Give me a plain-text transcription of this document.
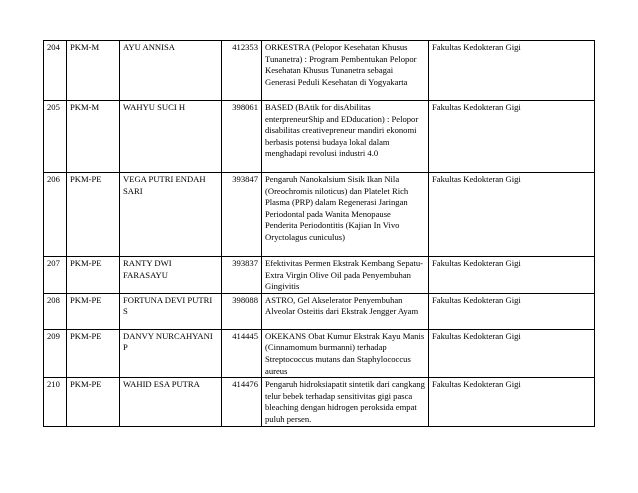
204	PKM-M	AYU ANNISA	412353	ORKESTRA (Pelopor Kesehatan Khusus Tunanetra) : Program Pembentukan Pelopor Kesehatan Khusus Tunanetra sebagai Generasi Peduli Kesehatan di Yogyakarta	Fakultas Kedokteran Gigi
205	PKM-M	WAHYU SUCI H	398061	BASED (BAtik for disAbilitas enterpreneurShip and EDducation) : Pelopor disabilitas creativepreneur mandiri ekonomi berbasis potensi budaya lokal dalam menghadapi revolusi industri 4.0	Fakultas Kedokteran Gigi
206	PKM-PE	VEGA PUTRI ENDAH SARI	393847	Pengaruh Nanokalsium Sisik Ikan Nila (Oreochromis niloticus) dan Platelet Rich Plasma (PRP) dalam Regenerasi Jaringan Periodontal pada Wanita Menopause Penderita Periodontitis (Kajian In Vivo Oryctolagus cuniculus)	Fakultas Kedokteran Gigi
207	PKM-PE	RANTY DWI FARASAYU	393837	Efektivitas Permen Ekstrak Kembang Sepatu-Extra Virgin Olive Oil pada Penyembuhan Gingivitis	Fakultas Kedokteran Gigi
208	PKM-PE	FORTUNA DEVI PUTRI S	398088	ASTRO, Gel Akselerator Penyembuhan Alveolar Osteitis dari Ekstrak Jengger Ayam	Fakultas Kedokteran Gigi
209	PKM-PE	DANVY NURCAHYANI P	414445	OKEKANS Obat Kumur Ekstrak Kayu Manis (Cinnamomum burmanni) terhadap Streptococcus mutans dan Staphylococcus aureus	Fakultas Kedokteran Gigi
210	PKM-PE	WAHID ESA PUTRA	414476	Pengaruh hidroksiapatit sintetik dari cangkang telur bebek terhadap sensitivitas gigi pasca bleaching dengan hidrogen peroksida empat puluh persen.	Fakultas Kedokteran Gigi
